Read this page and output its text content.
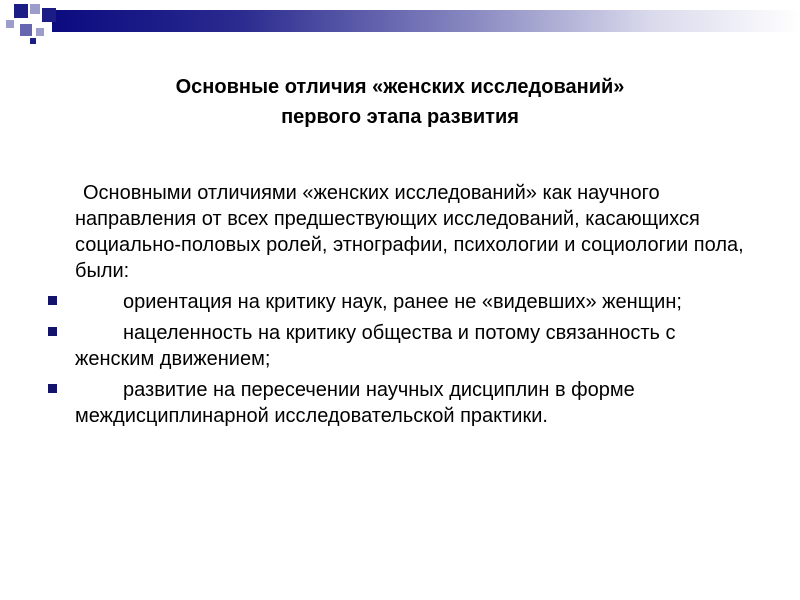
Основные отличия «женских исследований»
первого этапа развития

Основными отличиями «женских исследований» как научного направления от всех предшествующих исследований, касающихся социально-половых ролей, этнографии, психологии и социологии пола, были:

ориентация на критику наук, ранее не «видевших» женщин;
нацеленность на критику общества и потому связанность с женским движением;
развитие на пересечении научных дисциплин в форме междисциплинарной исследовательской практики.
